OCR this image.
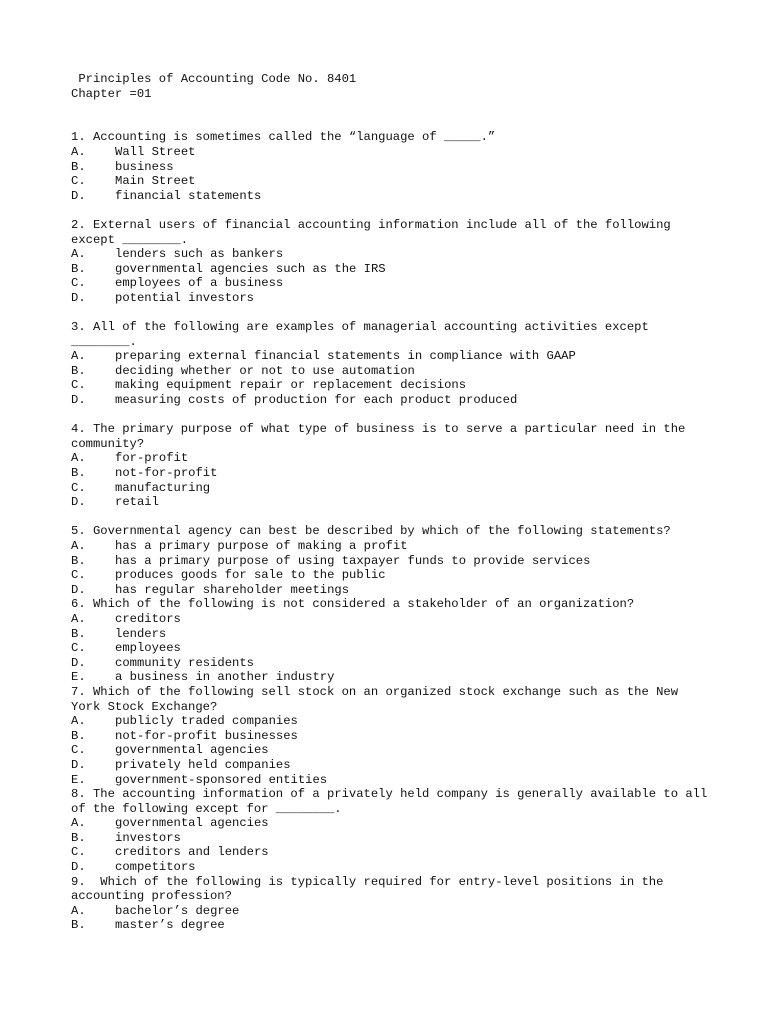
Principles of Accounting Code No. 8401
Chapter =01
1. Accounting is sometimes called the “language of _____.”
A.	Wall Street
B.	business
C.	Main Street
D.	financial statements
2. External users of financial accounting information include all of the following except ________.
A.	lenders such as bankers
B.	governmental agencies such as the IRS
C.	employees of a business
D.	potential investors
3. All of the following are examples of managerial accounting activities except ________.
A.	preparing external financial statements in compliance with GAAP
B.	deciding whether or not to use automation
C.	making equipment repair or replacement decisions
D.	measuring costs of production for each product produced
4. The primary purpose of what type of business is to serve a particular need in the community?
A.	for-profit
B.	not-for-profit
C.	manufacturing
D.	retail
5. Governmental agency can best be described by which of the following statements?
A.	has a primary purpose of making a profit
B.	has a primary purpose of using taxpayer funds to provide services
C.	produces goods for sale to the public
D.	has regular shareholder meetings
6. Which of the following is not considered a stakeholder of an organization?
A.	creditors
B.	lenders
C.	employees
D.	community residents
E.	a business in another industry
7. Which of the following sell stock on an organized stock exchange such as the New York Stock Exchange?
A.	publicly traded companies
B.	not-for-profit businesses
C.	governmental agencies
D.	privately held companies
E.	government-sponsored entities
8. The accounting information of a privately held company is generally available to all of the following except for ________.
A.	governmental agencies
B.	investors
C.	creditors and lenders
D.	competitors
9.  Which of the following is typically required for entry-level positions in the accounting profession?
A.	bachelor’s degree
B.	master’s degree
